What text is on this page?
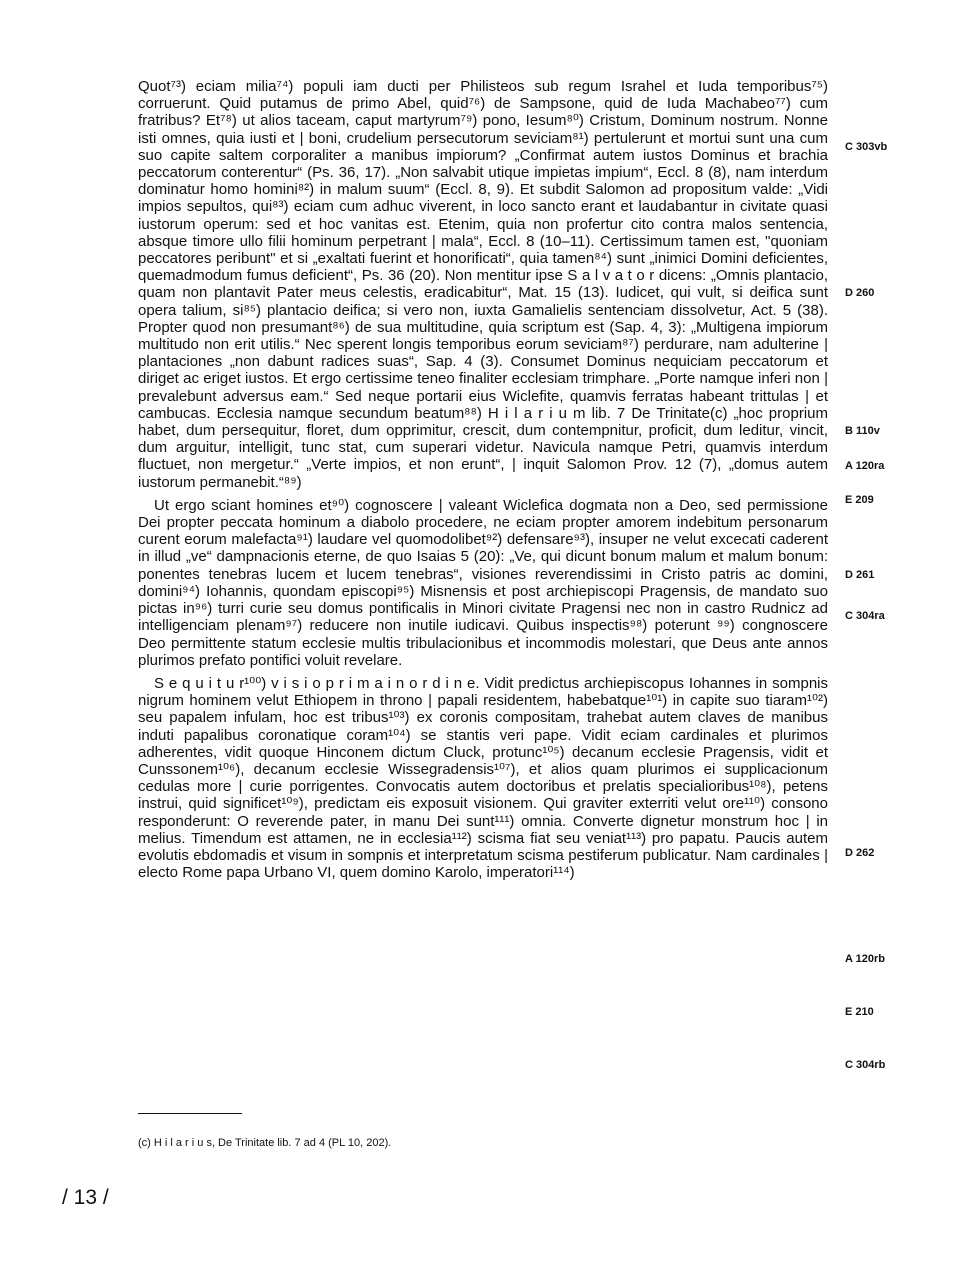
Quot⁷³) eciam milia⁷⁴) populi iam ducti per Philisteos sub regum Israhel et Iuda temporibus⁷⁵) corruerunt. Quid putamus de primo Abel, quid⁷⁶) de Sampsone, quid de Iuda Machabeo⁷⁷) cum fratribus? Et⁷⁸) ut alios taceam, caput martyrum⁷⁹) pono, Iesum⁸⁰) Cristum, Dominum nostrum. Nonne isti omnes, quia iusti et | boni, crudelium persecutorum seviciam⁸¹) pertulerunt et mortui sunt una cum suo capite saltem corporaliter a manibus impiorum? „Confirmat autem iustos Dominus et brachia peccatorum conterentur“ (Ps. 36, 17). „Non salvabit utique impietas impium“, Eccl. 8 (8), nam interdum dominatur homo homini⁸²) in malum suum“ (Eccl. 8, 9). Et subdit Salomon ad propositum valde: „Vidi impios sepultos, qui⁸³) eciam cum adhuc viverent, in loco sancto erant et laudabantur in civitate quasi iustorum operum: sed et hoc vanitas est. Etenim, quia non profertur cito contra malos sentencia, absque timore ullo filii hominum perpetrant | mala“, Eccl. 8 (10–11). Certissimum tamen est, "quoniam peccatores peribunt" et si „exaltati fuerint et honorificati“, quia tamen⁸⁴) sunt „inimici Domini deficientes, quemadmodum fumus deficient“, Ps. 36 (20). Non mentitur ipse S a l v a t o r dicens: „Omnis plantacio, quam non plantavit Pater meus celestis, eradicabitur“, Mat. 15 (13). Iudicet, qui vult, si deifica sunt opera talium, si⁸⁵) plantacio deifica; si vero non, iuxta Gamalielis sentenciam dissolvetur, Act. 5 (38). Propter quod non presumant⁸⁶) de sua multitudine, quia scriptum est (Sap. 4, 3): „Multigena impiorum multitudo non erit utilis.“ Nec sperent longis temporibus eorum seviciam⁸⁷) perdurare, nam adulterine | plantaciones „non dabunt radices suas“, Sap. 4 (3). Consumet Dominus nequiciam peccatorum et diriget ac eriget iustos. Et ergo certissime teneo finaliter ecclesiam trimphare. „Porte namque inferi non | prevalebunt adversus eam.“ Sed neque portarii eius Wiclefite, quamvis ferratas habeant trittulas | et cambucas. Ecclesia namque secundum beatum⁸⁸) H i l a r i u m lib. 7 De Trinitate(c) „hoc proprium habet, dum persequitur, floret, dum opprimitur, crescit, dum contempnitur, proficit, dum leditur, vincit, dum arguitur, intelligit, tunc stat, cum superari videtur. Navicula namque Petri, quamvis interdum fluctuet, non mergetur.“ „Verte impios, et non erunt“, | inquit Salomon Prov. 12 (7), „domus autem iustorum permanebit.“⁸⁹)

Ut ergo sciant homines et⁹⁰) cognoscere | valeant Wiclefica dogmata non a Deo, sed permissione Dei propter peccata hominum a diabolo procedere, ne eciam propter amorem indebitum personarum curent eorum malefacta⁹¹) laudare vel quomodolibet⁹²) defensare⁹³), insuper ne velut excecati caderent in illud „ve“ dampnacionis eterne, de quo Isaias 5 (20): „Ve, qui dicunt bonum malum et malum bonum: ponentes tenebras lucem et lucem tenebras“, visiones reverendissimi in Cristo patris ac domini, domini⁹⁴) Iohannis, quondam episcopi⁹⁵) Misnensis et post archiepiscopi Pragensis, de mandato suo pictas in⁹⁶) turri curie seu domus pontificalis in Minori civitate Pragensi nec non in castro Rudnicz ad intelligenciam plenam⁹⁷) reducere non inutile iudicavi. Quibus inspectis⁹⁸) poterunt ⁹⁹) congnoscere Deo permittente statum ecclesie multis tribulacionibus et incommodis molestari, que Deus ante annos plurimos prefato pontifici voluit revelare.

S e q u i t u r¹⁰⁰) v i s i o p r i m a i n o r d i n e. Vidit predictus archiepiscopus Iohannes in sompnis nigrum hominem velut Ethiopem in throno | papali residentem, habebatque¹⁰¹) in capite suo tiaram¹⁰²) seu papalem infulam, hoc est tribus¹⁰³) ex coronis compositam, trahebat autem claves de manibus induti papalibus coronatique coram¹⁰⁴) se stantis veri pape. Vidit eciam cardinales et plurimos adherentes, vidit quoque Hinconem dictum Cluck, protunc¹⁰⁵) decanum ecclesie Pragensis, vidit et Cunssonem¹⁰⁶), decanum ecclesie Wissegradensis¹⁰⁷), et alios quam plurimos ei supplicacionum cedulas more | curie porrigentes. Convocatis autem doctoribus et prelatis specialioribus¹⁰⁸), petens instrui, quid significet¹⁰⁹), predictam eis exposuit visionem. Qui graviter exterriti velut ore¹¹⁰) consono responderunt: O reverende pater, in manu Dei sunt¹¹¹) omnia. Converte dignetur monstrum hoc | in melius. Timendum est attamen, ne in ecclesia¹¹²) scisma fiat seu veniat¹¹³) pro papatu. Paucis autem evolutis ebdomadis et visum in sompnis et interpretatum scisma pestiferum publicatur. Nam cardinales | electo Rome papa Urbano VI, quem domino Karolo, imperatori¹¹⁴)

C 303vb
D 260
B 110v
A 120ra
E 209
D 261
C 304ra
D 262
A 120rb
E 210
C 304rb
(c) H i l a r i u s, De Trinitate lib. 7 ad 4 (PL 10, 202).
/ 13 /
